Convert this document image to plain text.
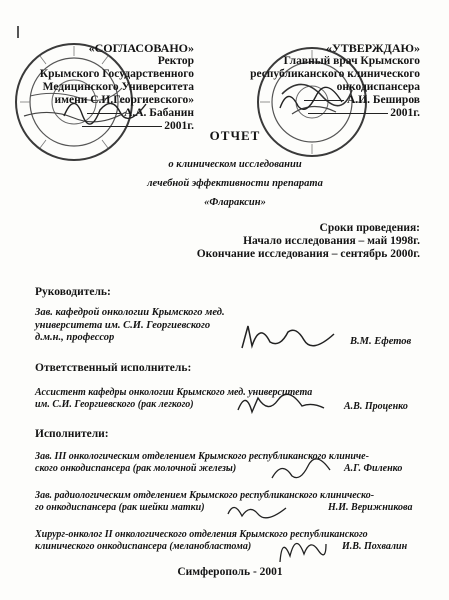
«СОГЛАСОВАНО»
Ректор
Крымского Государственного
Медицинского Университета
имени С.И.Георгиевского»
А.А. Бабанин
2001г.
«УТВЕРЖДАЮ»
Главный врач Крымского
республиканского клинического
онкодиспансера
А.И. Беширов
2001г.
ОТЧЕТ
о клиническом исследовании
лечебной эффективности препарата
«Флараксин»
Сроки проведения:
Начало исследования – май 1998г.
Окончание исследования – сентябрь 2000г.
Руководитель:
Зав. кафедрой онкологии Крымского мед.
университета им. С.И. Георгиевского
д.м.н., профессор	В.М. Ефетов
Ответственный исполнитель:
Ассистент кафедры онкологии Крымского мед. университета
им. С.И. Георгиевского (рак легкого)	А.В. Проценко
Исполнители:
Зав. III онкологическим отделением Крымского республиканского клиниче-
ского онкодиспансера (рак молочной железы)	А.Г. Филенко
Зав. радиологическим отделением Крымского республиканского клиническо-
го онкодиспансера (рак шейки матки)	Н.И. Верижникова
Хирург-онколог II онкологического отделения Крымского республиканского
клинического онкодиспансера (меланобластома)	И.В. Похвалин
Симферополь - 2001
